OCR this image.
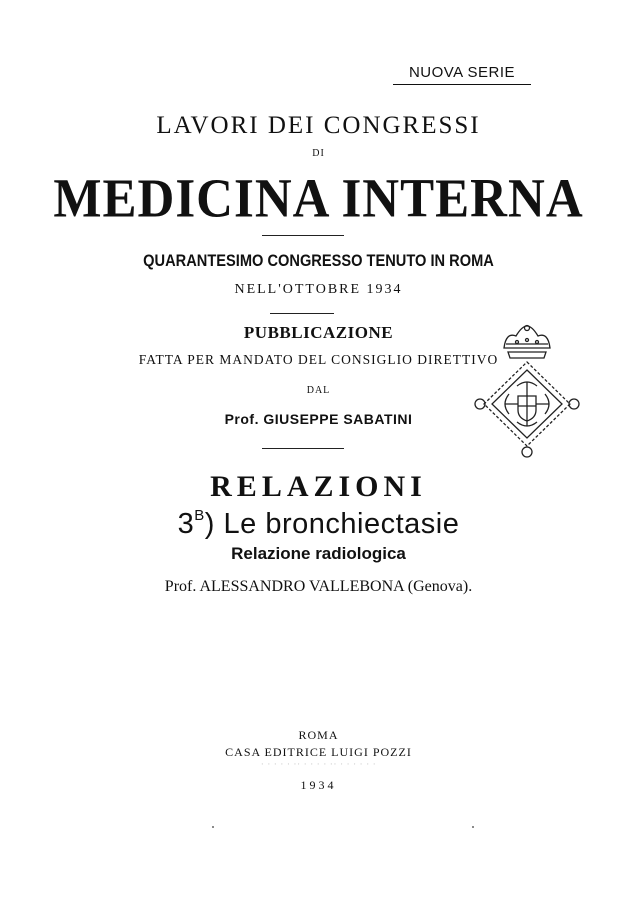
NUOVA SERIE
LAVORI DEI CONGRESSI
DI
MEDICINA INTERNA
QUARANTESIMO CONGRESSO TENUTO IN ROMA
NELL'OTTOBRE 1934
PUBBLICAZIONE
FATTA PER MANDATO DEL CONSIGLIO DIRETTIVO
DAL
Prof. GIUSEPPE SABATINI
RELAZIONI
$3^B$) Le bronchiectasie
Relazione radiologica
Prof. ALESSANDRO VALLEBONA (Genova).
ROMA
CASA EDITRICE LUIGI POZZI
· · · · · ·· · · · · ·· · · · · · ·
1934
